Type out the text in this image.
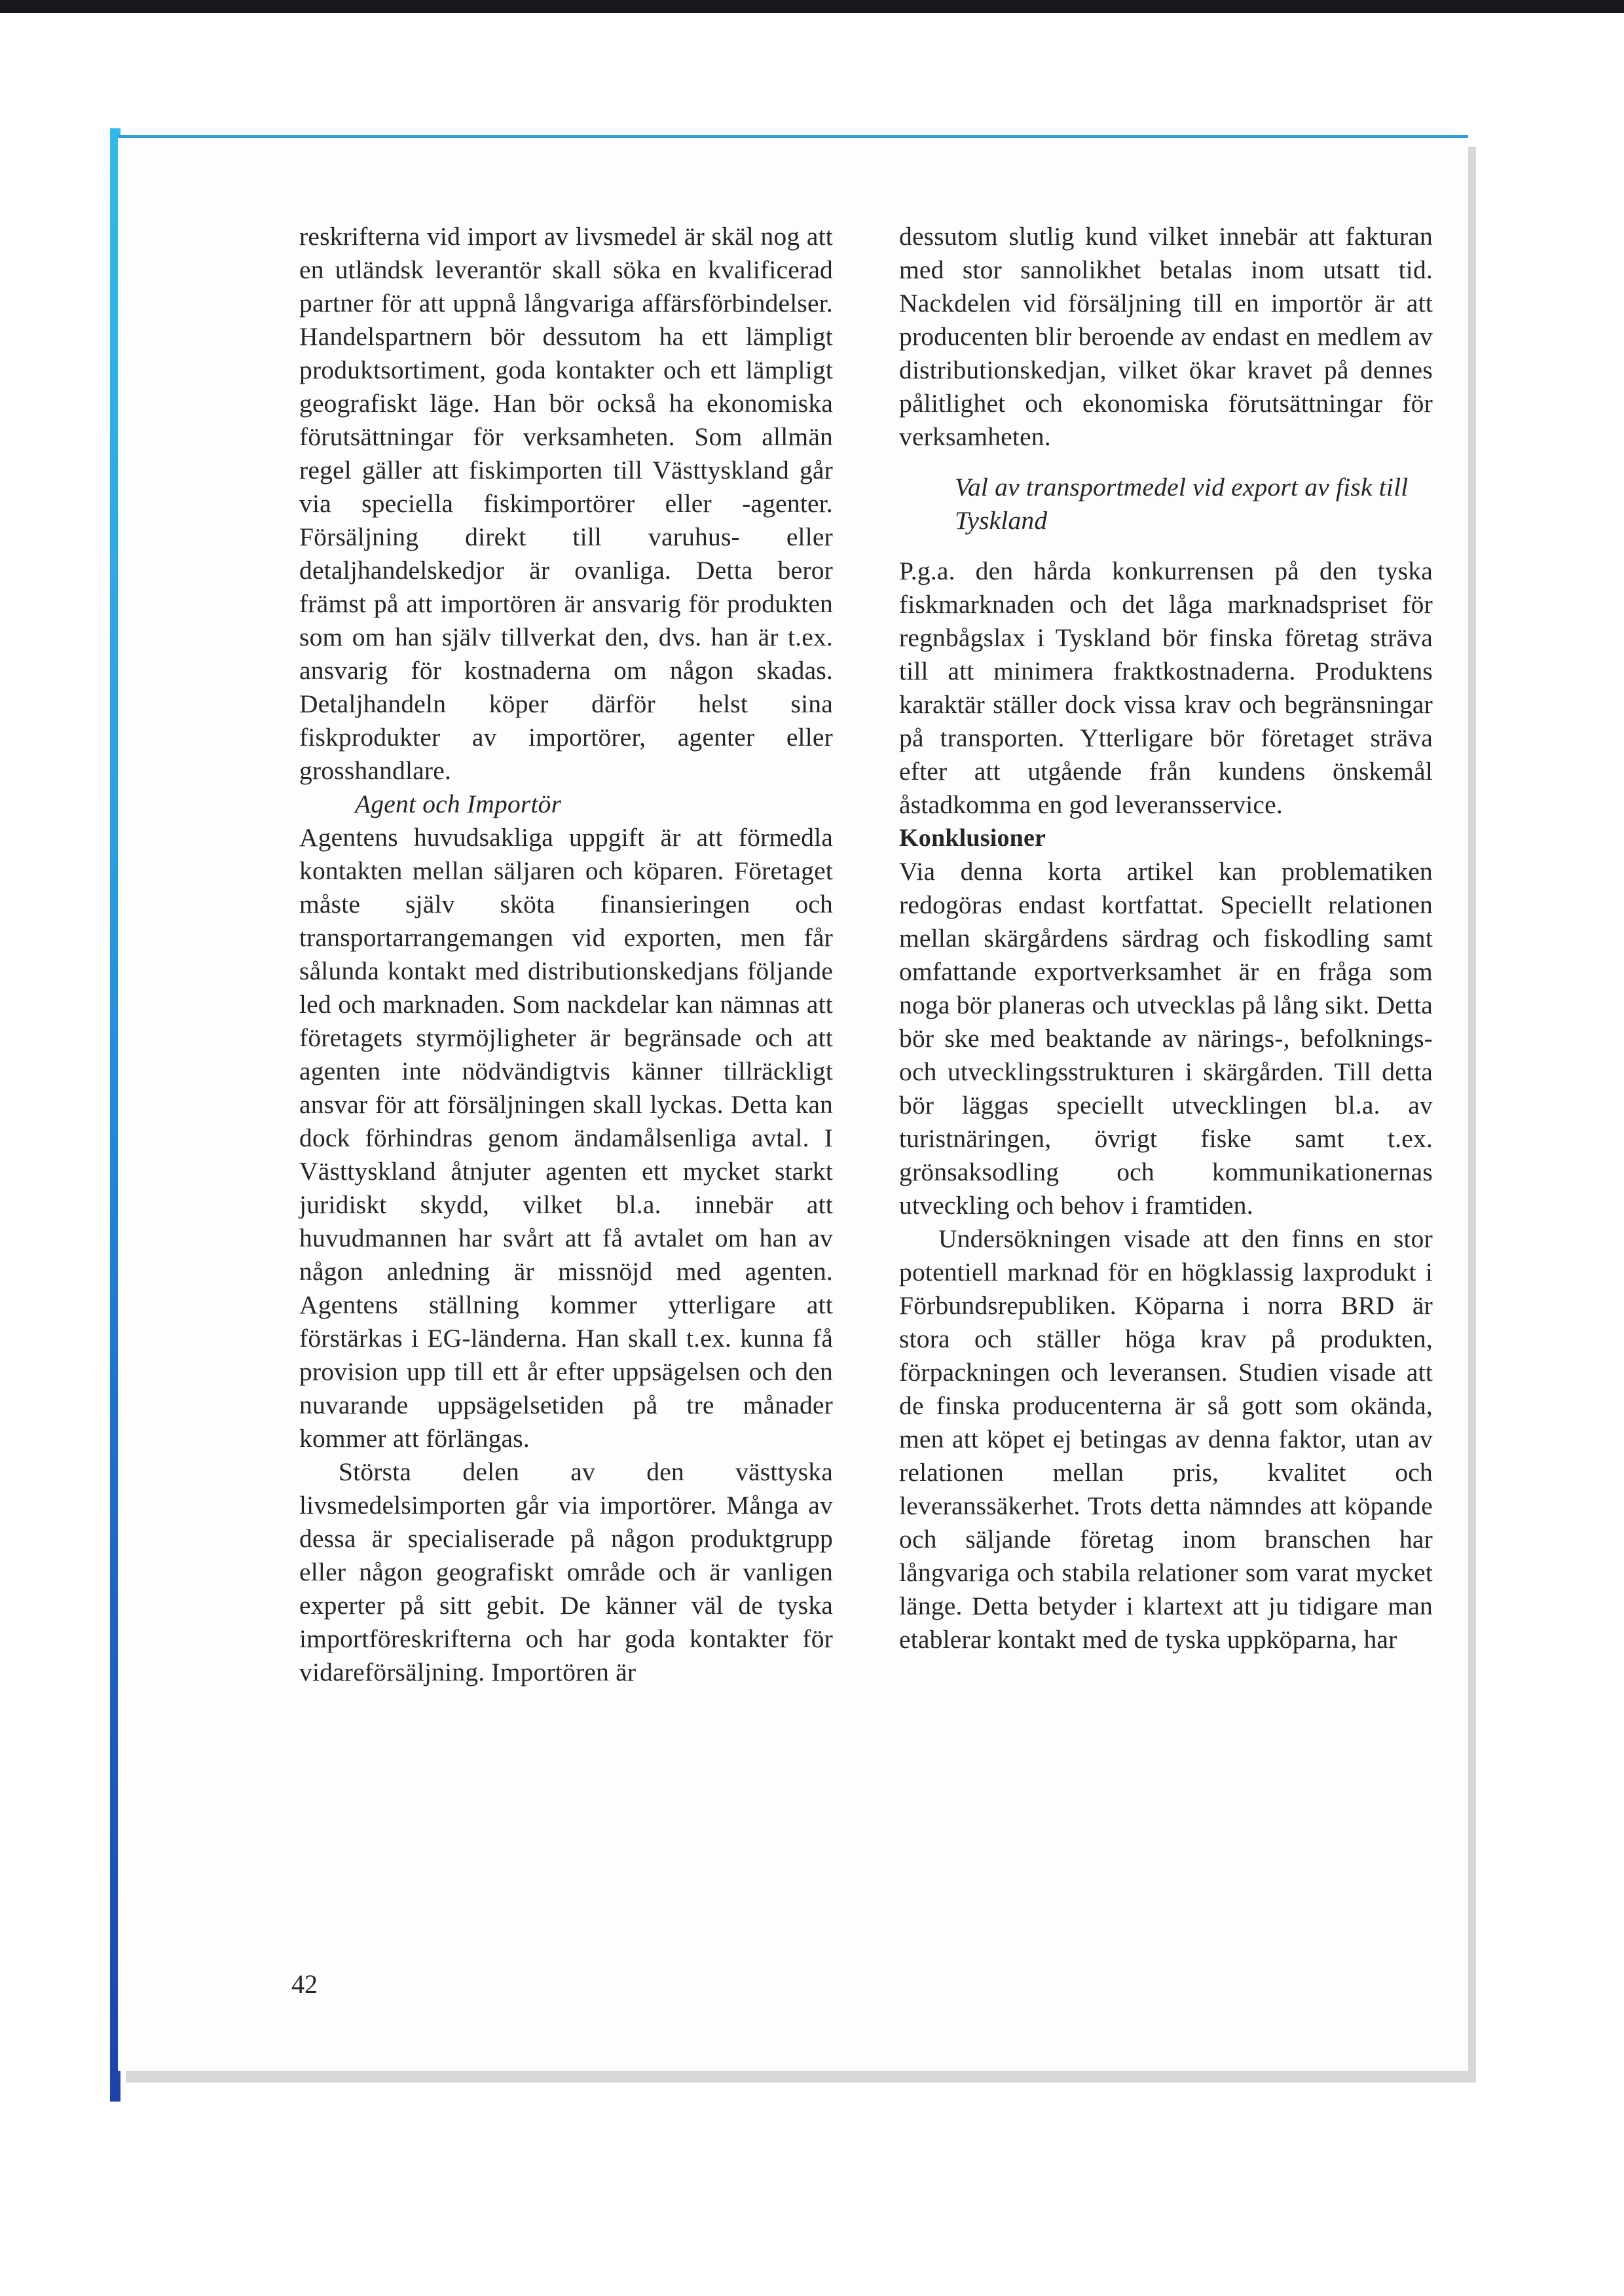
reskrifterna vid import av livsmedel är skäl nog att en utländsk leverantör skall söka en kvalificerad partner för att uppnå långvariga affärsförbindelser. Handelspartnern bör dessutom ha ett lämpligt produktsortiment, goda kontakter och ett lämpligt geografiskt läge. Han bör också ha ekonomiska förutsättningar för verksamheten. Som allmän regel gäller att fiskimporten till Västtyskland går via speciella fiskimportörer eller -agenter. Försäljning direkt till varuhus- eller detaljhandelskedjor är ovanliga. Detta beror främst på att importören är ansvarig för produkten som om han själv tillverkat den, dvs. han är t.ex. ansvarig för kostnaderna om någon skadas. Detaljhandeln köper därför helst sina fiskprodukter av importörer, agenter eller grosshandlare.

Agent och Importör

Agentens huvudsakliga uppgift är att förmedla kontakten mellan säljaren och köparen. Företaget måste själv sköta finansieringen och transportarrangemangen vid exporten, men får sålunda kontakt med distributionskedjans följande led och marknaden. Som nackdelar kan nämnas att företagets styrmöjligheter är begränsade och att agenten inte nödvändigtvis känner tillräckligt ansvar för att försäljningen skall lyckas. Detta kan dock förhindras genom ändamålsenliga avtal. I Västtyskland åtnjuter agenten ett mycket starkt juridiskt skydd, vilket bl.a. innebär att huvudmannen har svårt att få avtalet om han av någon anledning är missnöjd med agenten. Agentens ställning kommer ytterligare att förstärkas i EG-länderna. Han skall t.ex. kunna få provision upp till ett år efter uppsägelsen och den nuvarande uppsägelsetiden på tre månader kommer att förlängas.

Största delen av den västtyska livsmedelsimporten går via importörer. Många av dessa är specialiserade på någon produktgrupp eller någon geografiskt område och är vanligen experter på sitt gebit. De känner väl de tyska importföreskrifterna och har goda kontakter för vidareförsäljning. Importören är

dessutom slutlig kund vilket innebär att fakturan med stor sannolikhet betalas inom utsatt tid. Nackdelen vid försäljning till en importör är att producenten blir beroende av endast en medlem av distributionskedjan, vilket ökar kravet på dennes pålitlighet och ekonomiska förutsättningar för verksamheten.

Val av transportmedel vid export av fisk till Tyskland

P.g.a. den hårda konkurrensen på den tyska fiskmarknaden och det låga marknadspriset för regnbågslax i Tyskland bör finska företag sträva till att minimera fraktkostnaderna. Produktens karaktär ställer dock vissa krav och begränsningar på transporten. Ytterligare bör företaget sträva efter att utgående från kundens önskemål åstadkomma en god leveransservice.

Konklusioner

Via denna korta artikel kan problematiken redogöras endast kortfattat. Speciellt relationen mellan skärgårdens särdrag och fiskodling samt omfattande exportverksamhet är en fråga som noga bör planeras och utvecklas på lång sikt. Detta bör ske med beaktande av närings-, befolknings- och utvecklingsstrukturen i skärgården. Till detta bör läggas speciellt utvecklingen bl.a. av turistnäringen, övrigt fiske samt t.ex. grönsaksodling och kommunikationernas utveckling och behov i framtiden.

Undersökningen visade att den finns en stor potentiell marknad för en högklassig laxprodukt i Förbundsrepubliken. Köparna i norra BRD är stora och ställer höga krav på produkten, förpackningen och leveransen. Studien visade att de finska producenterna är så gott som okända, men att köpet ej betingas av denna faktor, utan av relationen mellan pris, kvalitet och leveranssäkerhet. Trots detta nämndes att köpande och säljande företag inom branschen har långvariga och stabila relationer som varat mycket länge. Detta betyder i klartext att ju tidigare man etablerar kontakt med de tyska uppköparna, har

42
